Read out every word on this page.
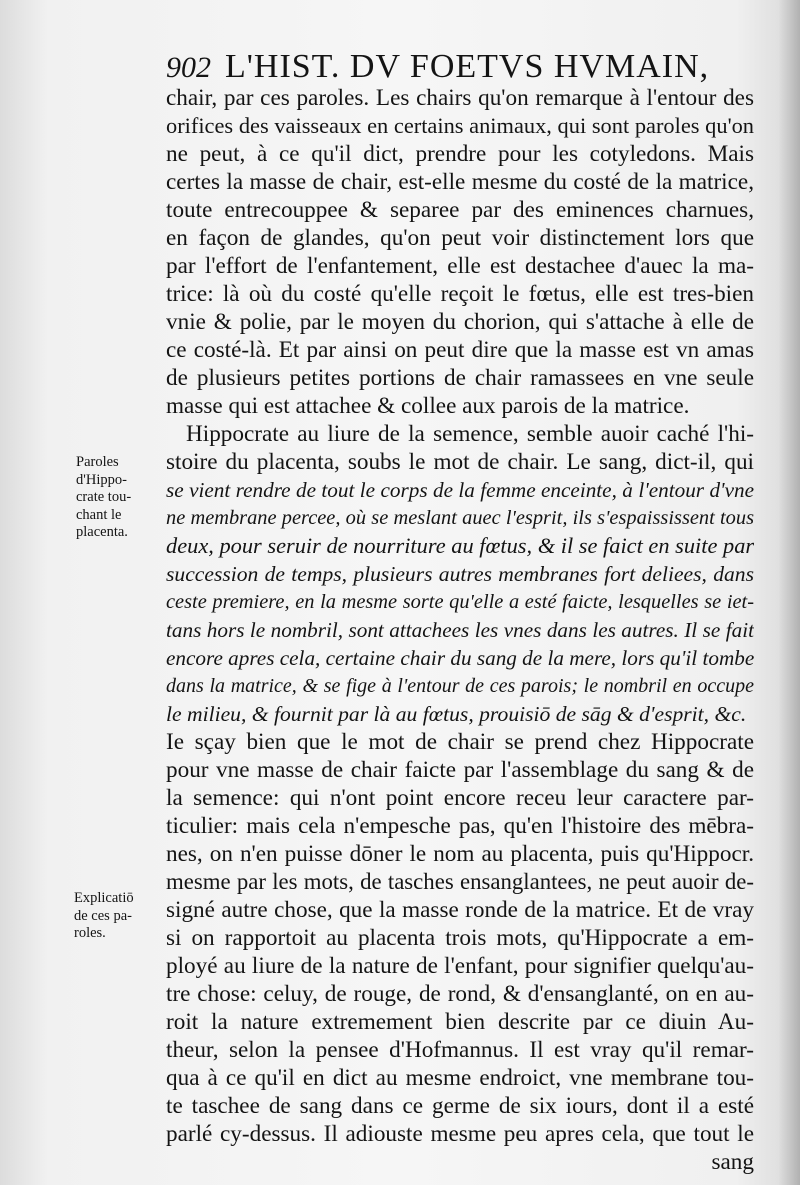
902 L'HIST. DV FOETVS HVMAIN,
chair, par ces paroles. Les chairs qu'on remarque à l'entour des
orifices des vaisseaux en certains animaux, qui sont paroles qu'on
ne peut, à ce qu'il dict, prendre pour les cotyledons. Mais
certes la masse de chair, est-elle mesme du costé de la matrice,
toute entrecouppee & separee par des eminences charnues,
en façon de glandes, qu'on peut voir distinctement lors que
par l'effort de l'enfantement, elle est destachee d'auec la ma-
trice: là où du costé qu'elle reçoit le fœtus, elle est tres-bien
vnie & polie, par le moyen du chorion, qui s'attache à elle de
ce costé-là. Et par ainsi on peut dire que la masse est vn amas
de plusieurs petites portions de chair ramassees en vne seule
masse qui est attachee & collee aux parois de la matrice.
Hippocrate au liure de la semence, semble auoir caché l'hi-
stoire du placenta, soubs le mot de chair. Le sang, dict-il, qui
se vient rendre de tout le corps de la femme enceinte, à l'entour d'vne
ne membrane percee, où se meslant auec l'esprit, ils s'espaississent tous
deux, pour seruir de nourriture au fœtus, & il se faict en suite par
succession de temps, plusieurs autres membranes fort deliees, dans
ceste premiere, en la mesme sorte qu'elle a esté faicte, lesquelles se iet-
tans hors le nombril, sont attachees les vnes dans les autres. Il se fait
encore apres cela, certaine chair du sang de la mere, lors qu'il tombe
dans la matrice, & se fige à l'entour de ces parois; le nombril en occupe
le milieu, & fournit par là au fœtus, prouisiō de sāg & d'esprit, &c.
Ie sçay bien que le mot de chair se prend chez Hippocrate
pour vne masse de chair faicte par l'assemblage du sang & de
la semence: qui n'ont point encore receu leur caractere par-
ticulier: mais cela n'empesche pas, qu'en l'histoire des mēbra-
nes, on n'en puisse dōner le nom au placenta, puis qu'Hippocr.
mesme par les mots, de tasches ensanglantees, ne peut auoir de-
signé autre chose, que la masse ronde de la matrice. Et de vray
si on rapportoit au placenta trois mots, qu'Hippocrate a em-
ployé au liure de la nature de l'enfant, pour signifier quelqu'au-
tre chose: celuy, de rouge, de rond, & d'ensanglanté, on en au-
roit la nature extremement bien descrite par ce diuin Au-
theur, selon la pensee d'Hofmannus. Il est vray qu'il remar-
qua à ce qu'il en dict au mesme endroict, vne membrane tou-
te taschee de sang dans ce germe de six iours, dont il a esté
parlé cy-dessus. Il adiouste mesme peu apres cela, que tout le
sang
Paroles
d'Hippo-
crate tou-
chant le
placenta.
Explicatiō
de ces pa-
roles.
